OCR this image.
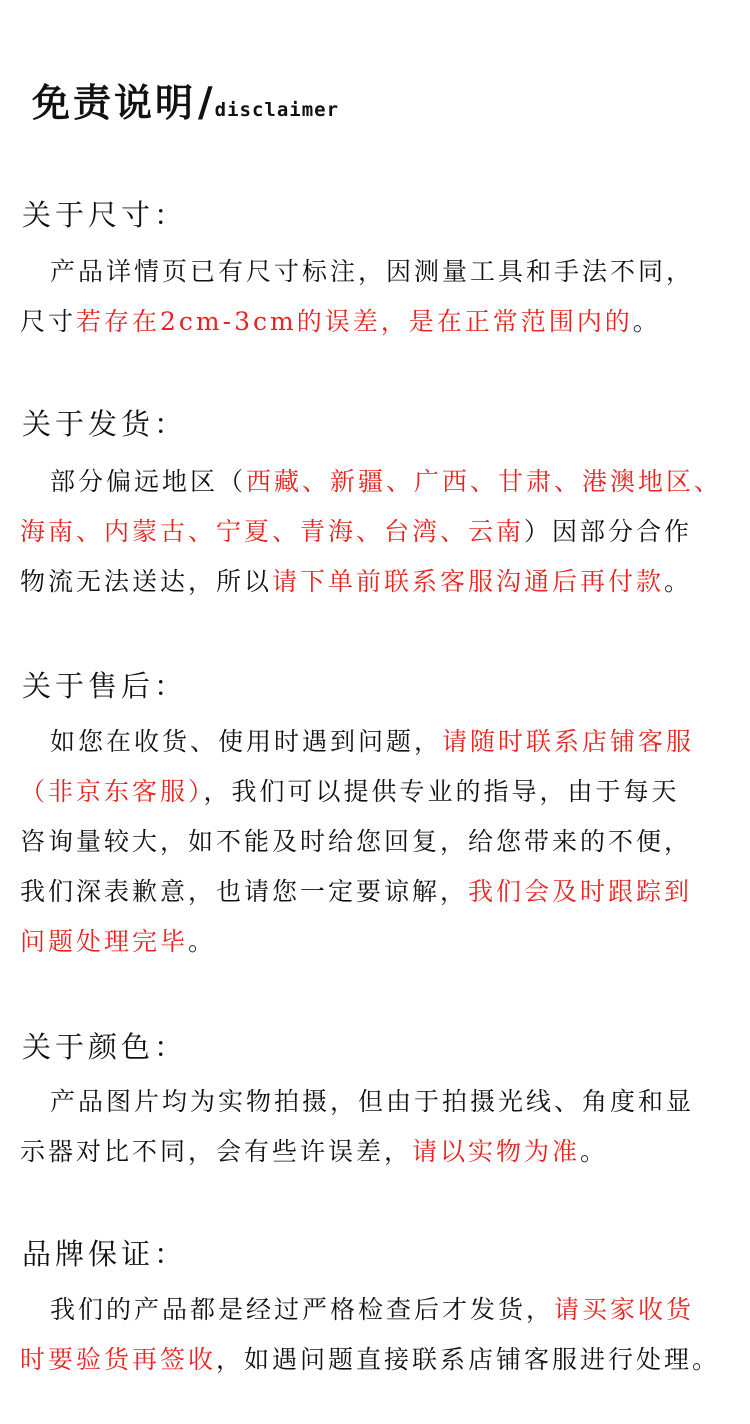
免责说明/ disclaimer
关于尺寸：
产品详情页已有尺寸标注，因测量工具和手法不同，
尺寸若存在2cm-3cm的误差，是在正常范围内的。
关于发货：
部分偏远地区（西藏、新疆、广西、甘肃、港澳地区、
海南、内蒙古、宁夏、青海、台湾、云南）因部分合作
物流无法送达，所以请下单前联系客服沟通后再付款。
关于售后：
如您在收货、使用时遇到问题，请随时联系店铺客服
（非京东客服），我们可以提供专业的指导，由于每天
咨询量较大，如不能及时给您回复，给您带来的不便，
我们深表歉意，也请您一定要谅解，我们会及时跟踪到
问题处理完毕。
关于颜色：
产品图片均为实物拍摄，但由于拍摄光线、角度和显
示器对比不同，会有些许误差，请以实物为准。
品牌保证：
我们的产品都是经过严格检查后才发货，请买家收货
时要验货再签收，如遇问题直接联系店铺客服进行处理。
